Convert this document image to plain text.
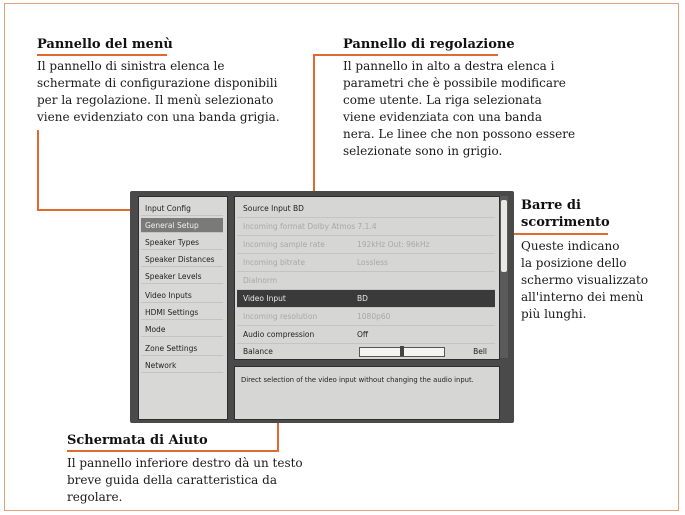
Pannello del menù
Il pannello di sinistra elenca le
schermate di configurazione disponibili
per la regolazione. Il menù selezionato
viene evidenziato con una banda grigia.
Pannello di regolazione
Il pannello in alto a destra elenca i
parametri che è possibile modificare
come utente. La riga selezionata
viene evidenziata con una banda
nera. Le linee che non possono essere
selezionate sono in grigio.
Barre di
scorrimento
Queste indicano
la posizione dello
schermo visualizzato
all'interno dei menù
più lunghi.
Schermata di Aiuto
Il pannello inferiore destro dà un testo
breve guida della caratteristica da
regolare.
Input Config
General Setup
Speaker Types
Speaker Distances
Speaker Levels
Video Inputs
HDMI Settings
Mode
Zone Settings
Network
Source Input BD
Incoming format Dolby Atmos 7.1.4
Incoming sample rate	192kHz Out: 96kHz
Incoming bitrate	Lossless
Dialnorm
Video Input	BD
Incoming resolution	1080p60
Audio compression	Off
Balance	Bell
Direct selection of the video input without changing the audio input.
